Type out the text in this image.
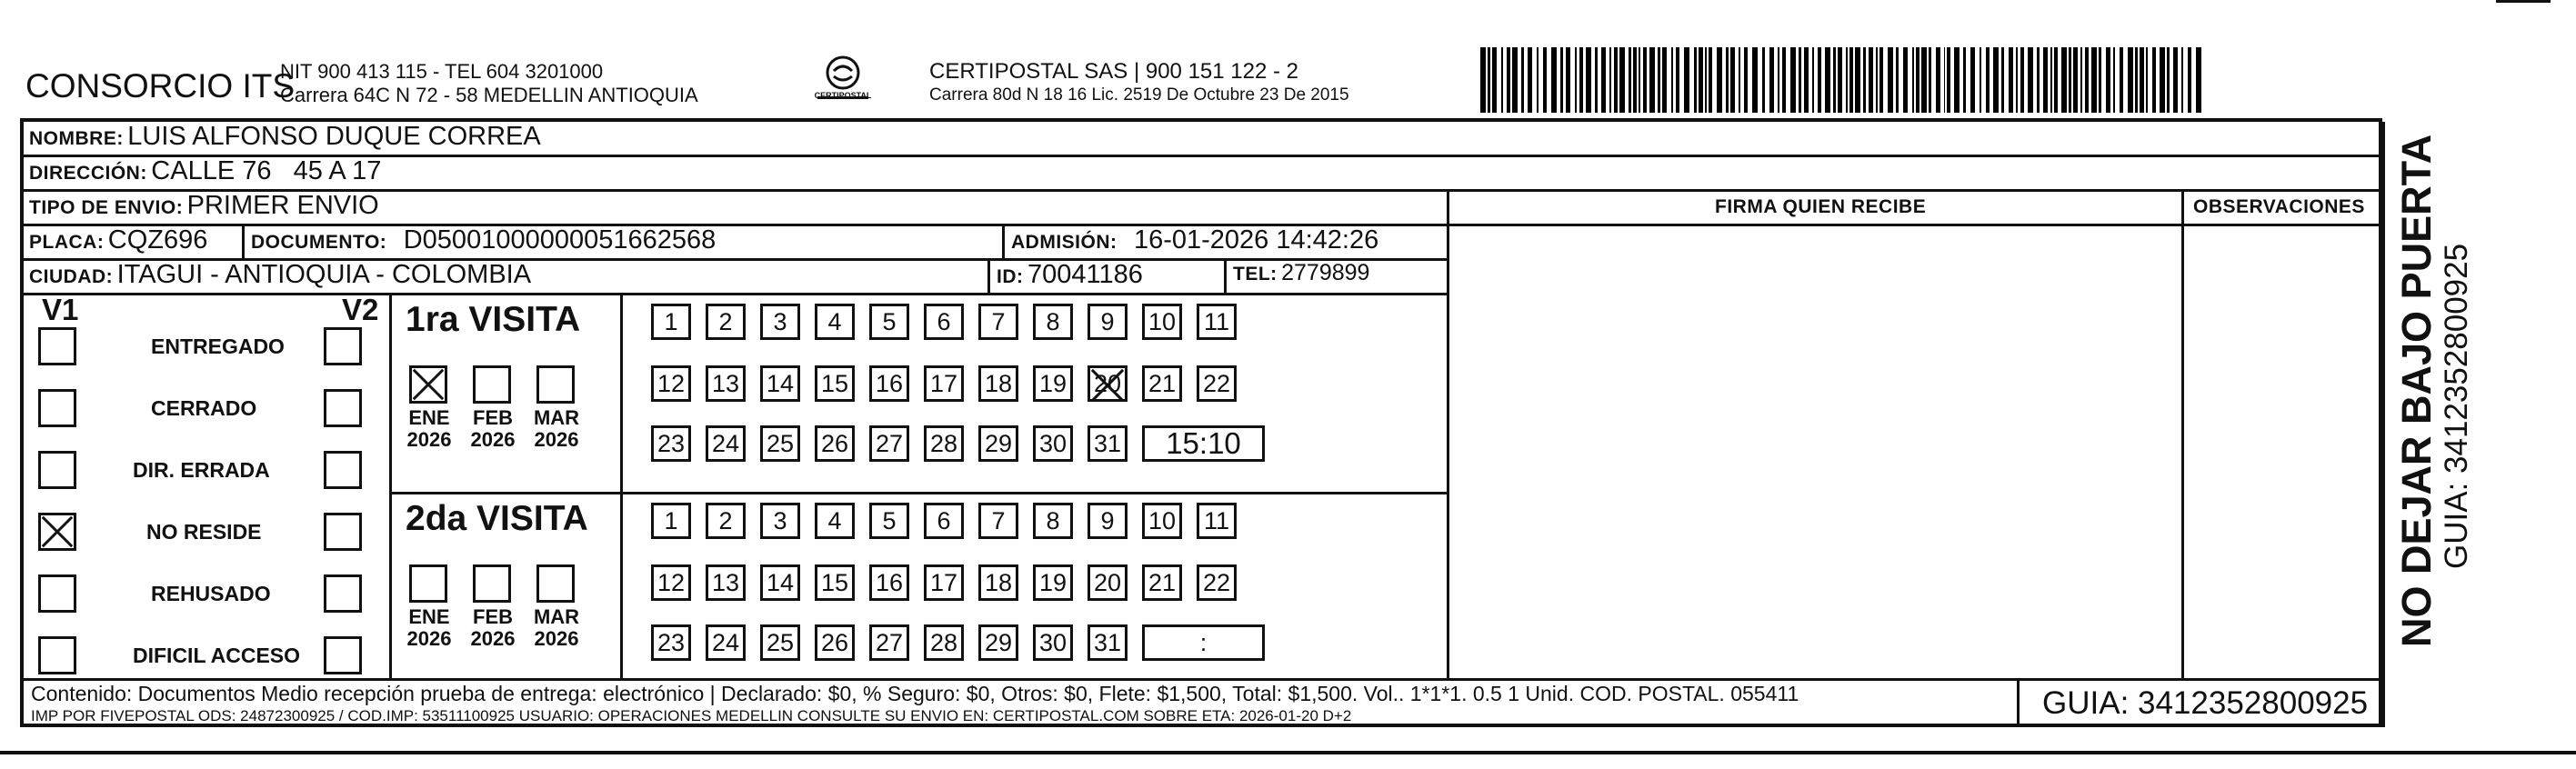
CONSORCIO ITS
NIT 900 413 115 - TEL 604 3201000
Carrera 64C N 72 - 58 MEDELLIN ANTIOQUIA	CERTIPOSTAL
CERTIPOSTAL SAS | 900 151 122 - 2
Carrera 80d N 18 16 Lic. 2519 De Octubre 23 De 2015
NOMBRE: LUIS ALFONSO DUQUE CORREA
DIRECCIÓN: CALLE 76   45 A 17
TIPO DE ENVIO: PRIMER ENVIO	FIRMA QUIEN RECIBE	OBSERVACIONES
PLACA: CQZ696 DOCUMENTO: D05001000000051662568	ADMISIÓN: 16-01-2026 14:42:26
CIUDAD: ITAGUI - ANTIOQUIA - COLOMBIA	ID: 70041186	TEL: 2779899
V1	V2
ENTREGADO
CERRADO
DIR. ERRADA
NO RESIDE
REHUSADO
DIFICIL ACCESO
1ra VISITA
ENE
2026
FEB
2026
MAR
2026
1	2	3	4	5	6	7	8	9	10 11
12 13 14 15 16 17 18 19 20 21 22
23 24 25 26 27 28 29 30 31	15:10
2da VISITA
ENE
2026
FEB
2026
MAR
2026
1	2	3	4	5	6	7	8	9	10 11
12 13 14 15 16 17 18 19 20 21 22
23 24 25 26 27 28 29 30 31	:
Contenido: Documentos Medio recepción prueba de entrega: electrónico | Declarado: $0, % Seguro: $0, Otros: $0, Flete: $1,500, Total: $1,500. Vol.. 1*1*1. 0.5 1 Unid. COD. POSTAL. 055411
IMP POR FIVEPOSTAL ODS: 24872300925 / COD.IMP: 53511100925 USUARIO: OPERACIONES MEDELLIN CONSULTE SU ENVIO EN: CERTIPOSTAL.COM SOBRE ETA: 2026-01-20 D+2	GUIA: 3412352800925
NO DEJAR BAJO PUERTA GUIA: 3412352800925
